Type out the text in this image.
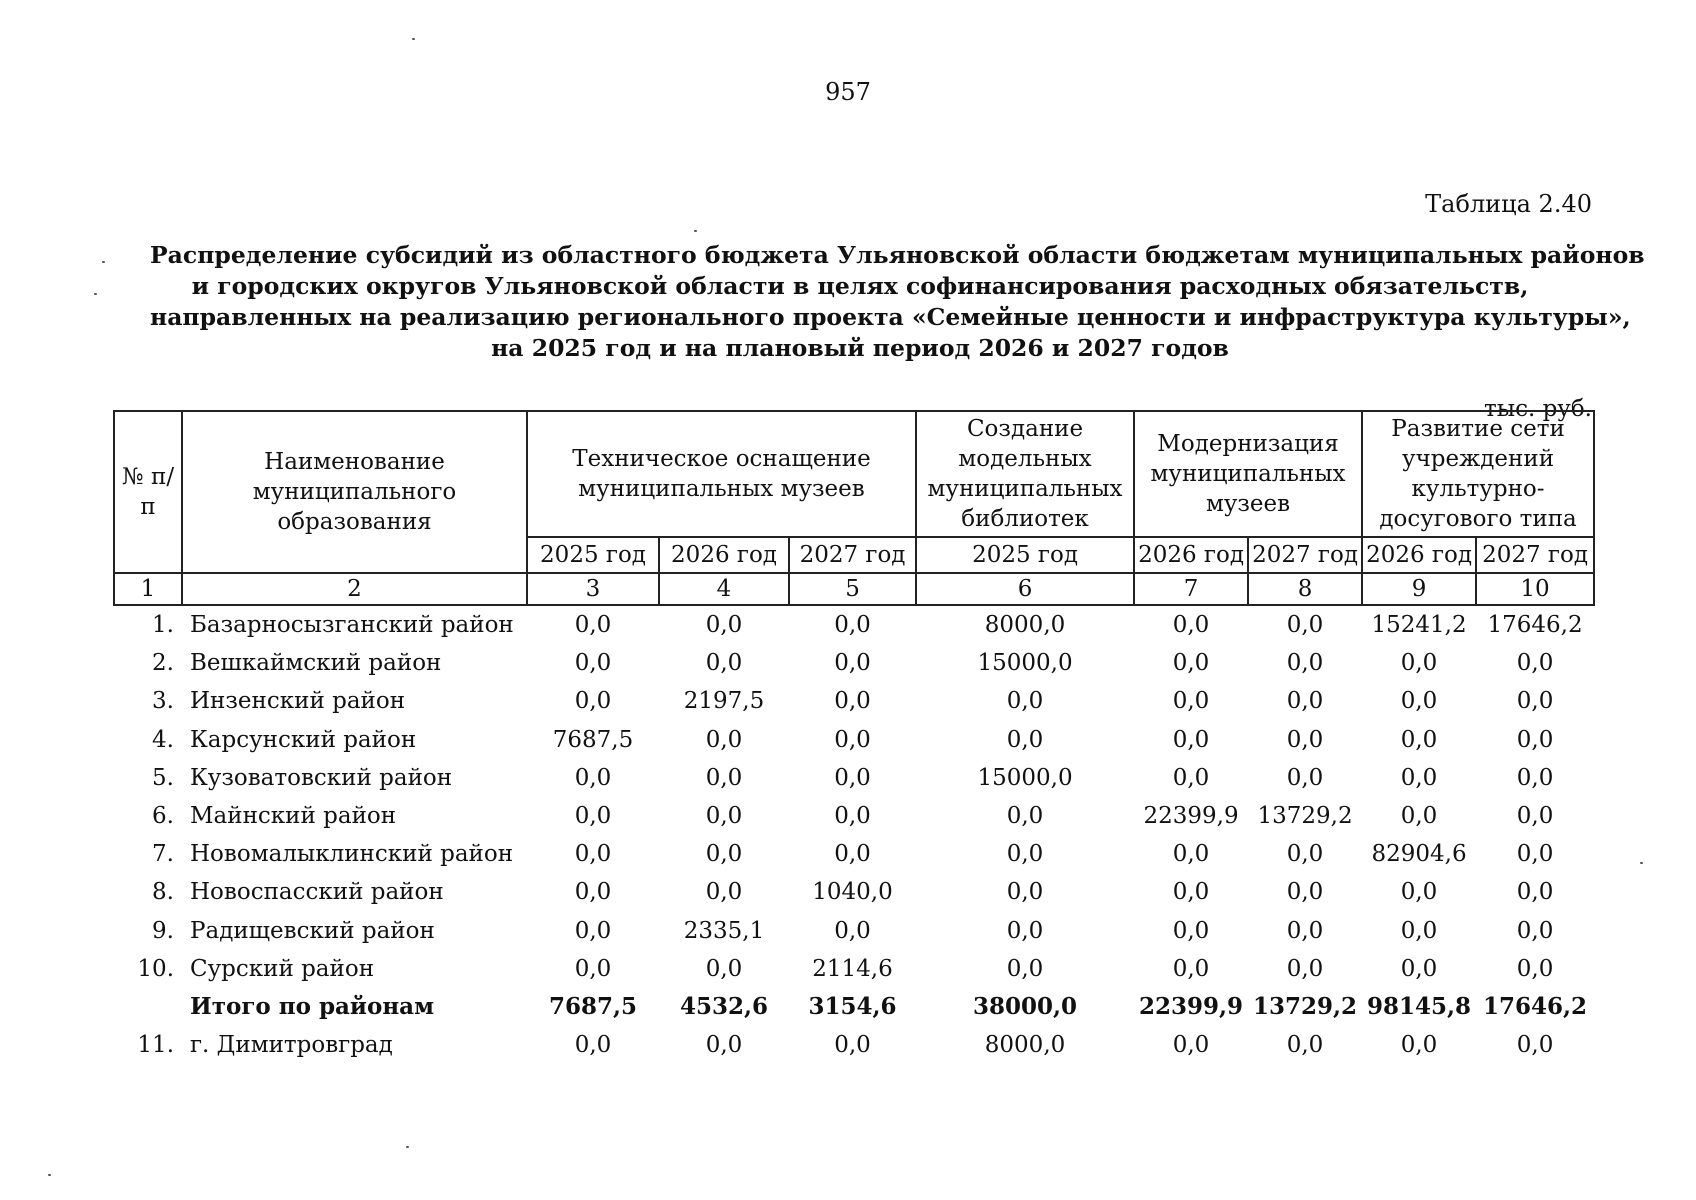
957
Таблица 2.40
Распределение субсидий из областного бюджета Ульяновской области бюджетам муниципальных районов
и городских округов Ульяновской области в целях софинансирования расходных обязательств,
направленных на реализацию регионального проекта «Семейные ценности и инфраструктура культуры»,
на 2025 год и на плановый период 2026 и 2027 годов
тыс. руб.
№ п/п	Наименование муниципального образования	Техническое оснащение муниципальных музеев			Создание модельных муниципальных библиотек	Модернизация муниципальных музеев		Развитие сети учреждений культурно-досугового типа	
		2025 год	2026 год	2027 год	2025 год	2026 год	2027 год	2026 год	2027 год
1	2	3	4	5	6	7	8	9	10
1.	Базарносызганский район	0,0	0,0	0,0	8000,0	0,0	0,0	15241,2	17646,2
2.	Вешкаймский район	0,0	0,0	0,0	15000,0	0,0	0,0	0,0	0,0
3.	Инзенский район	0,0	2197,5	0,0	0,0	0,0	0,0	0,0	0,0
4.	Карсунский район	7687,5	0,0	0,0	0,0	0,0	0,0	0,0	0,0
5.	Кузоватовский район	0,0	0,0	0,0	15000,0	0,0	0,0	0,0	0,0
6.	Майнский район	0,0	0,0	0,0	0,0	22399,9	13729,2	0,0	0,0
7.	Новомалыклинский район	0,0	0,0	0,0	0,0	0,0	0,0	82904,6	0,0
8.	Новоспасский район	0,0	0,0	1040,0	0,0	0,0	0,0	0,0	0,0
9.	Радищевский район	0,0	2335,1	0,0	0,0	0,0	0,0	0,0	0,0
10.	Сурский район	0,0	0,0	2114,6	0,0	0,0	0,0	0,0	0,0
	Итого по районам	7687,5	4532,6	3154,6	38000,0	22399,9	13729,2	98145,8	17646,2
11.	г. Димитровград	0,0	0,0	0,0	8000,0	0,0	0,0	0,0	0,0
